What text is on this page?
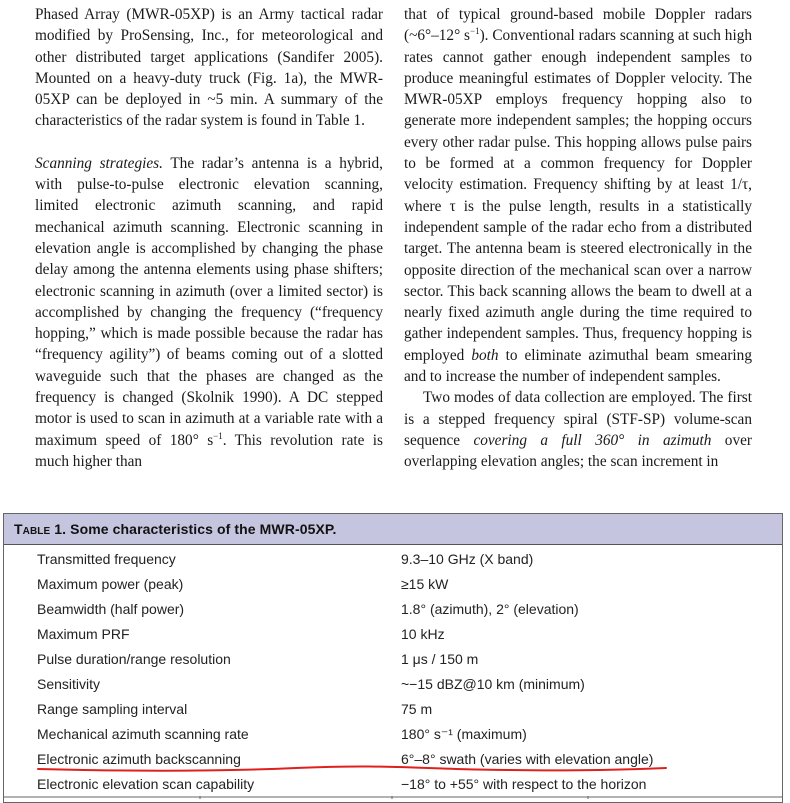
Phased Array (MWR-05XP) is an Army tactical radar modified by ProSensing, Inc., for meteorological and other distributed target applications (Sandifer 2005). Mounted on a heavy-duty truck (Fig. 1a), the MWR-05XP can be deployed in ~5 min. A summary of the characteristics of the radar system is found in Table 1.

Scanning strategies. The radar’s antenna is a hybrid, with pulse-to-pulse electronic elevation scanning, limited electronic azimuth scanning, and rapid mechanical azimuth scanning. Electronic scanning in elevation angle is accomplished by changing the phase delay among the antenna elements using phase shifters; electronic scanning in azimuth (over a limited sector) is accomplished by changing the frequency (“frequency hopping,” which is made possible because the radar has “frequency agility”) of beams coming out of a slotted waveguide such that the phases are changed as the frequency is changed (Skolnik 1990). A DC stepped motor is used to scan in azimuth at a variable rate with a maximum speed of 180° $s^{-1}$. This revolution rate is much higher than

that of typical ground-based mobile Doppler radars (~6°–12° $s^{-1}$). Conventional radars scanning at such high rates cannot gather enough independent samples to produce meaningful estimates of Doppler velocity. The MWR-05XP employs frequency hopping also to generate more independent samples; the hopping occurs every other radar pulse. This hopping allows pulse pairs to be formed at a common frequency for Doppler velocity estimation. Frequency shifting by at least 1/τ, where τ is the pulse length, results in a statistically independent sample of the radar echo from a distributed target. The antenna beam is steered electronically in the opposite direction of the mechanical scan over a narrow sector. This back scanning allows the beam to dwell at a nearly fixed azimuth angle during the time required to gather independent samples. Thus, frequency hopping is employed both to eliminate azimuthal beam smearing and to increase the number of independent samples.

Two modes of data collection are employed. The first is a stepped frequency spiral (STF-SP) volume-scan sequence covering a full 360° in azimuth over overlapping elevation angles; the scan increment in

Table 1. Some characteristics of the MWR-05XP.
Transmitted frequency	9.3–10 GHz (X band)
Maximum power (peak)	≥15 kW
Beamwidth (half power)	1.8° (azimuth), 2° (elevation)
Maximum PRF	10 kHz
Pulse duration/range resolution	1 μs / 150 m
Sensitivity	~−15 dBZ@10 km (minimum)
Range sampling interval	75 m
Mechanical azimuth scanning rate	180° s⁻¹ (maximum)
Electronic azimuth backscanning	6°–8° swath (varies with elevation angle)
Electronic elevation scan capability	−18° to +55° with respect to the horizon
